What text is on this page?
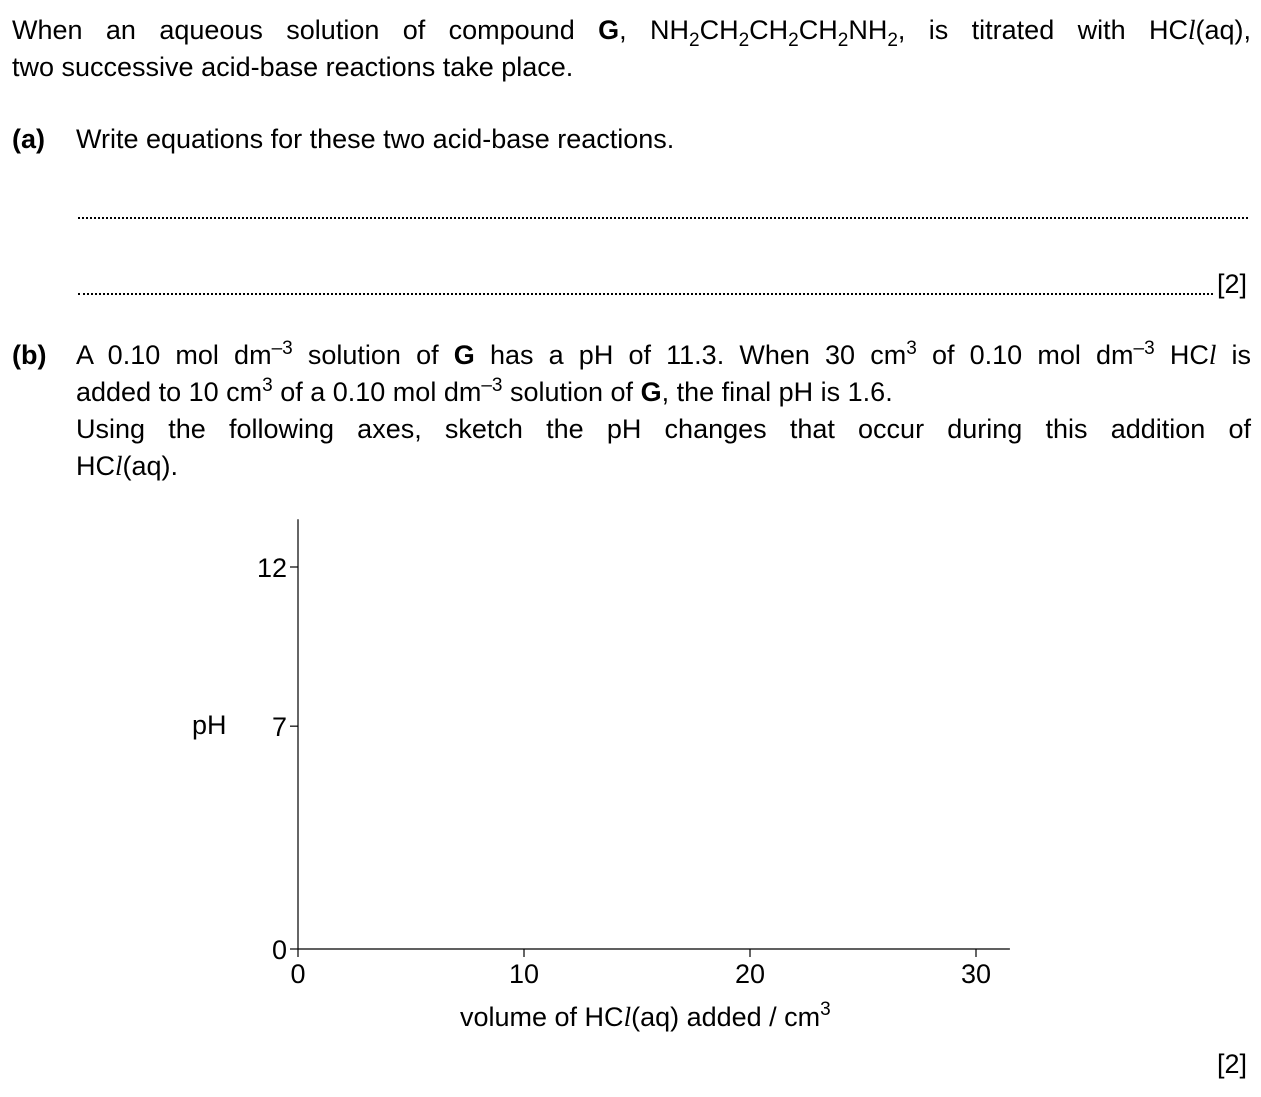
When an aqueous solution of compound G, $NH_2CH_2CH_2CH_2NH_2$, is titrated with HCl(aq),
two successive acid-base reactions take place.
(a) Write equations for these two acid-base reactions.
[2]
(b) A 0.10 mol $dm^{-3}$ solution of G has a pH of 11.3. When 30 $cm^3$ of 0.10 mol $dm^{-3}$ HCl is
added to 10 $cm^3$ of a 0.10 mol $dm^{-3}$ solution of G, the final pH is 1.6.
Using the following axes, sketch the pH changes that occur during this addition of
HCl(aq).
0	10	20	30
0
7
12
pH
volume of HCl(aq) added / $cm^3$
[2]
